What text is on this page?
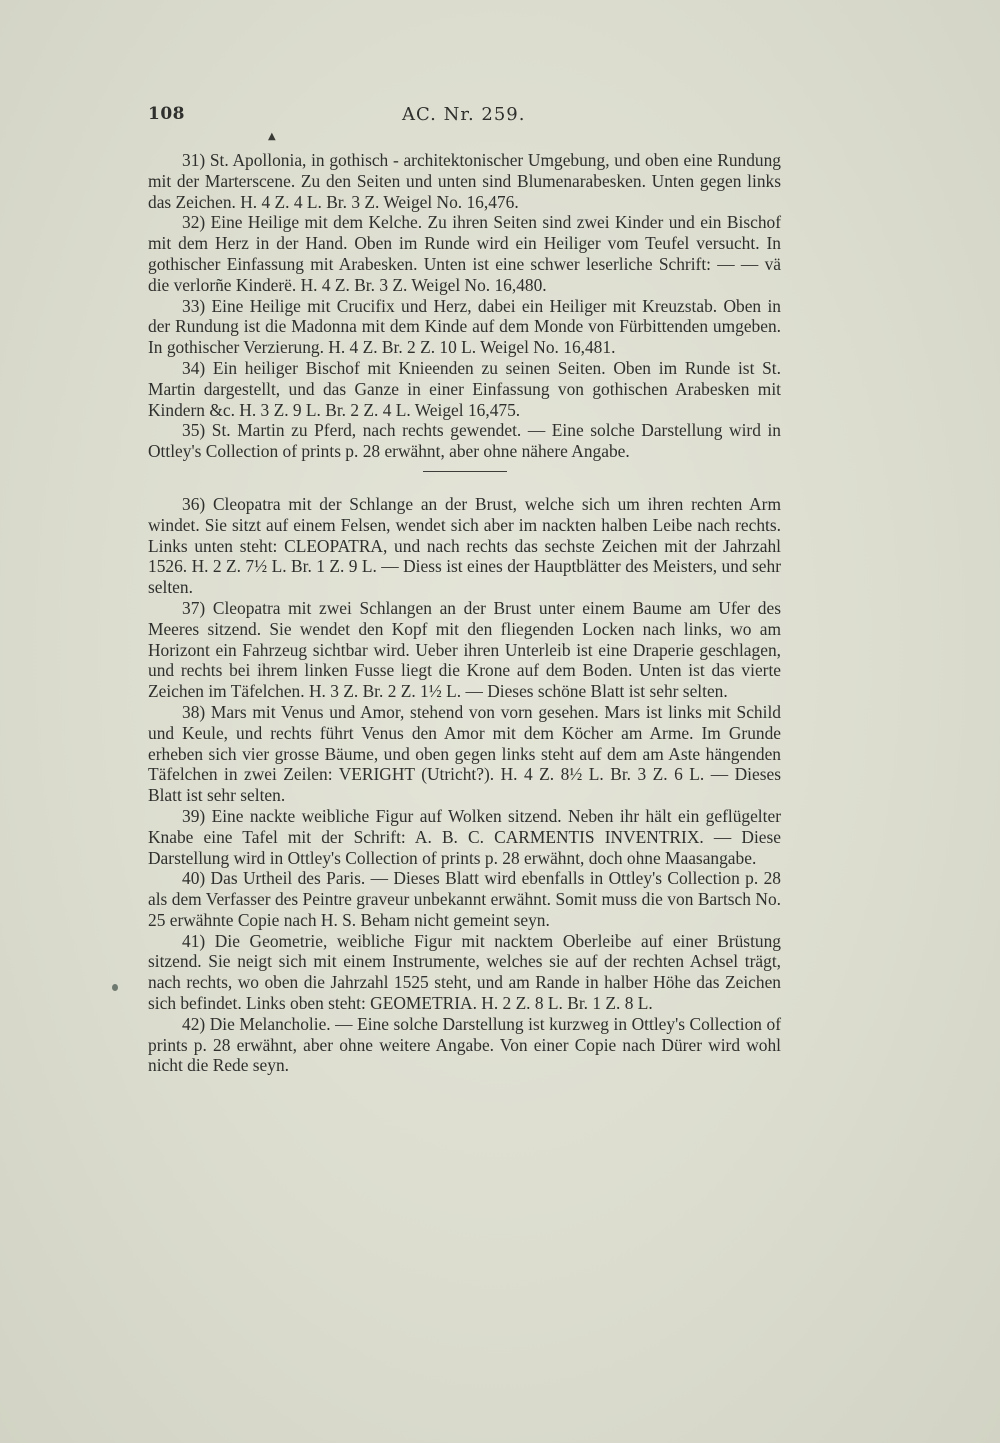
108	AC. Nr. 259.
▲

31) St. Apollonia, in gothisch - architektonischer Umgebung, und oben eine Rundung mit der Marterscene. Zu den Seiten und unten sind Blumenarabesken. Unten gegen links das Zeichen. H. 4 Z. 4 L. Br. 3 Z. Weigel No. 16,476.

32) Eine Heilige mit dem Kelche. Zu ihren Seiten sind zwei Kinder und ein Bischof mit dem Herz in der Hand. Oben im Runde wird ein Heiliger vom Teufel versucht. In gothischer Einfassung mit Arabesken. Unten ist eine schwer leserliche Schrift: — — vä die verlorñe Kinderë. H. 4 Z. Br. 3 Z. Weigel No. 16,480.

33) Eine Heilige mit Crucifix und Herz, dabei ein Heiliger mit Kreuzstab. Oben in der Rundung ist die Madonna mit dem Kinde auf dem Monde von Fürbittenden umgeben. In gothischer Verzierung. H. 4 Z. Br. 2 Z. 10 L. Weigel No. 16,481.

34) Ein heiliger Bischof mit Knieenden zu seinen Seiten. Oben im Runde ist St. Martin dargestellt, und das Ganze in einer Einfassung von gothischen Arabesken mit Kindern &c. H. 3 Z. 9 L. Br. 2 Z. 4 L. Weigel 16,475.

35) St. Martin zu Pferd, nach rechts gewendet. — Eine solche Darstellung wird in Ottley's Collection of prints p. 28 erwähnt, aber ohne nähere Angabe.

36) Cleopatra mit der Schlange an der Brust, welche sich um ihren rechten Arm windet. Sie sitzt auf einem Felsen, wendet sich aber im nackten halben Leibe nach rechts. Links unten steht: CLEOPATRA, und nach rechts das sechste Zeichen mit der Jahrzahl 1526. H. 2 Z. 7½ L. Br. 1 Z. 9 L. — Diess ist eines der Hauptblätter des Meisters, und sehr selten.

37) Cleopatra mit zwei Schlangen an der Brust unter einem Baume am Ufer des Meeres sitzend. Sie wendet den Kopf mit den fliegenden Locken nach links, wo am Horizont ein Fahrzeug sichtbar wird. Ueber ihren Unterleib ist eine Draperie geschlagen, und rechts bei ihrem linken Fusse liegt die Krone auf dem Boden. Unten ist das vierte Zeichen im Täfelchen. H. 3 Z. Br. 2 Z. 1½ L. — Dieses schöne Blatt ist sehr selten.

38) Mars mit Venus und Amor, stehend von vorn gesehen. Mars ist links mit Schild und Keule, und rechts führt Venus den Amor mit dem Köcher am Arme. Im Grunde erheben sich vier grosse Bäume, und oben gegen links steht auf dem am Aste hängenden Täfelchen in zwei Zeilen: VERIGHT (Utricht?). H. 4 Z. 8½ L. Br. 3 Z. 6 L. — Dieses Blatt ist sehr selten.

39) Eine nackte weibliche Figur auf Wolken sitzend. Neben ihr hält ein geflügelter Knabe eine Tafel mit der Schrift: A. B. C. CARMENTIS INVENTRIX. — Diese Darstellung wird in Ottley's Collection of prints p. 28 erwähnt, doch ohne Maasangabe.

40) Das Urtheil des Paris. — Dieses Blatt wird ebenfalls in Ottley's Collection p. 28 als dem Verfasser des Peintre graveur unbekannt erwähnt. Somit muss die von Bartsch No. 25 erwähnte Copie nach H. S. Beham nicht gemeint seyn.

41) Die Geometrie, weibliche Figur mit nacktem Oberleibe auf einer Brüstung sitzend. Sie neigt sich mit einem Instrumente, welches sie auf der rechten Achsel trägt, nach rechts, wo oben die Jahrzahl 1525 steht, und am Rande in halber Höhe das Zeichen sich befindet. Links oben steht: GEOMETRIA. H. 2 Z. 8 L. Br. 1 Z. 8 L.

42) Die Melancholie. — Eine solche Darstellung ist kurzweg in Ottley's Collection of prints p. 28 erwähnt, aber ohne weitere Angabe. Von einer Copie nach Dürer wird wohl nicht die Rede seyn.
